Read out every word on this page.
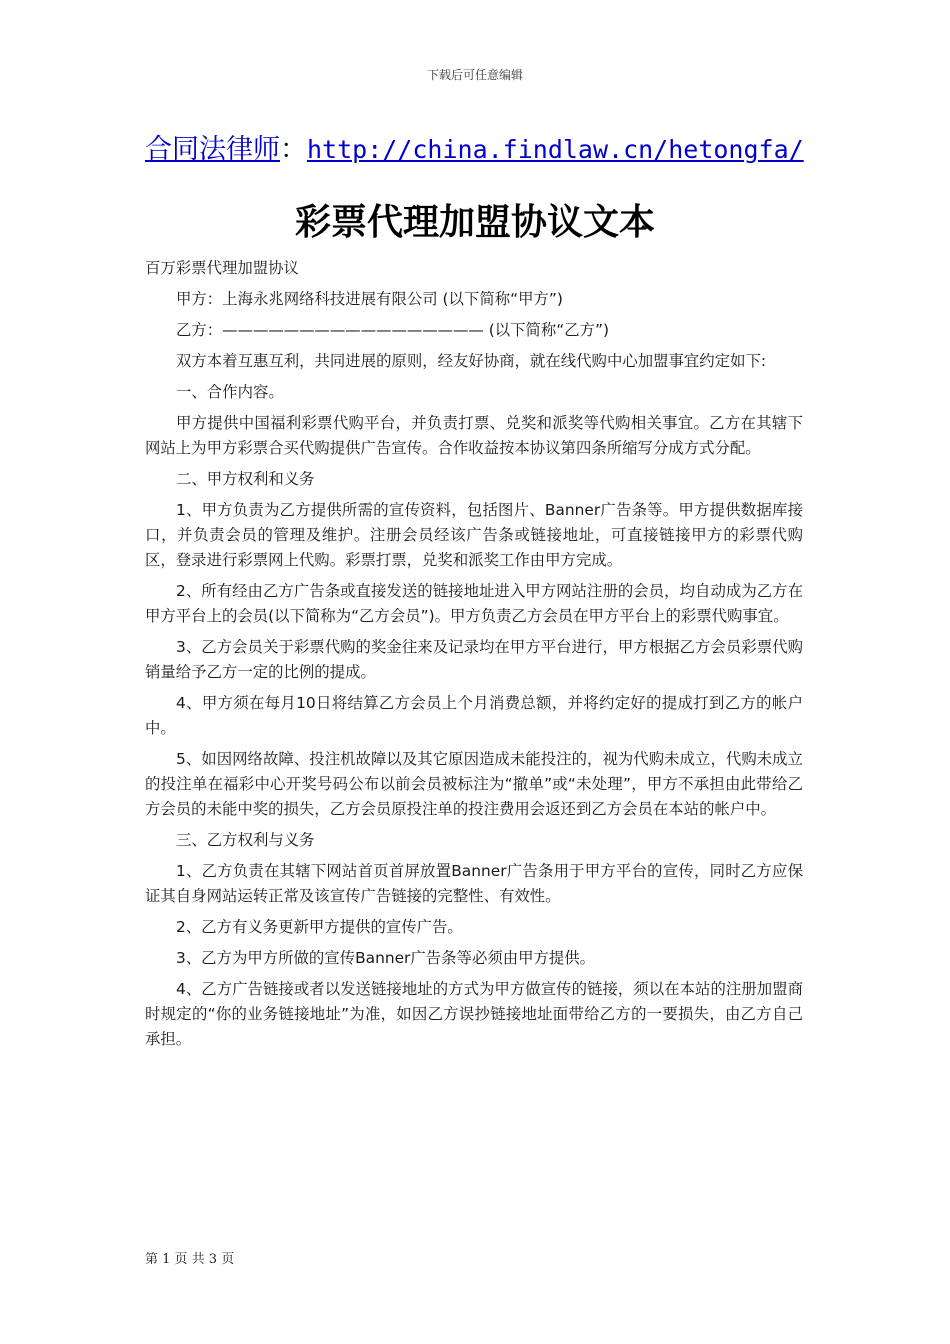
下载后可任意编辑
合同法律师：http://china.findlaw.cn/hetongfa/
彩票代理加盟协议文本

百万彩票代理加盟协议

甲方：上海永兆网络科技进展有限公司 (以下简称“甲方”)

乙方：————————————————— (以下简称“乙方”)

双方本着互惠互利，共同进展的原则，经友好协商，就在线代购中心加盟事宜约定如下:

一、合作内容。

甲方提供中国福利彩票代购平台，并负责打票、兑奖和派奖等代购相关事宜。乙方在其辖下网站上为甲方彩票合买代购提供广告宣传。合作收益按本协议第四条所缩写分成方式分配。

二、甲方权利和义务

1、甲方负责为乙方提供所需的宣传资料，包括图片、Banner广告条等。甲方提供数据库接口，并负责会员的管理及维护。注册会员经该广告条或链接地址，可直接链接甲方的彩票代购区，登录进行彩票网上代购。彩票打票，兑奖和派奖工作由甲方完成。

2、所有经由乙方广告条或直接发送的链接地址进入甲方网站注册的会员，均自动成为乙方在甲方平台上的会员(以下简称为“乙方会员”)。甲方负责乙方会员在甲方平台上的彩票代购事宜。

3、乙方会员关于彩票代购的奖金往来及记录均在甲方平台进行，甲方根据乙方会员彩票代购销量给予乙方一定的比例的提成。

4、甲方须在每月10日将结算乙方会员上个月消费总额，并将约定好的提成打到乙方的帐户中。

5、如因网络故障、投注机故障以及其它原因造成未能投注的，视为代购未成立，代购未成立的投注单在福彩中心开奖号码公布以前会员被标注为“撤单”或“未处理”，甲方不承担由此带给乙方会员的未能中奖的损失，乙方会员原投注单的投注费用会返还到乙方会员在本站的帐户中。

三、乙方权利与义务

1、乙方负责在其辖下网站首页首屏放置Banner广告条用于甲方平台的宣传，同时乙方应保证其自身网站运转正常及该宣传广告链接的完整性、有效性。

2、乙方有义务更新甲方提供的宣传广告。

3、乙方为甲方所做的宣传Banner广告条等必须由甲方提供。

4、乙方广告链接或者以发送链接地址的方式为甲方做宣传的链接，须以在本站的注册加盟商时规定的“你的业务链接地址”为准，如因乙方误抄链接地址面带给乙方的一要损失，由乙方自己承担。

第 1 页 共 3 页
